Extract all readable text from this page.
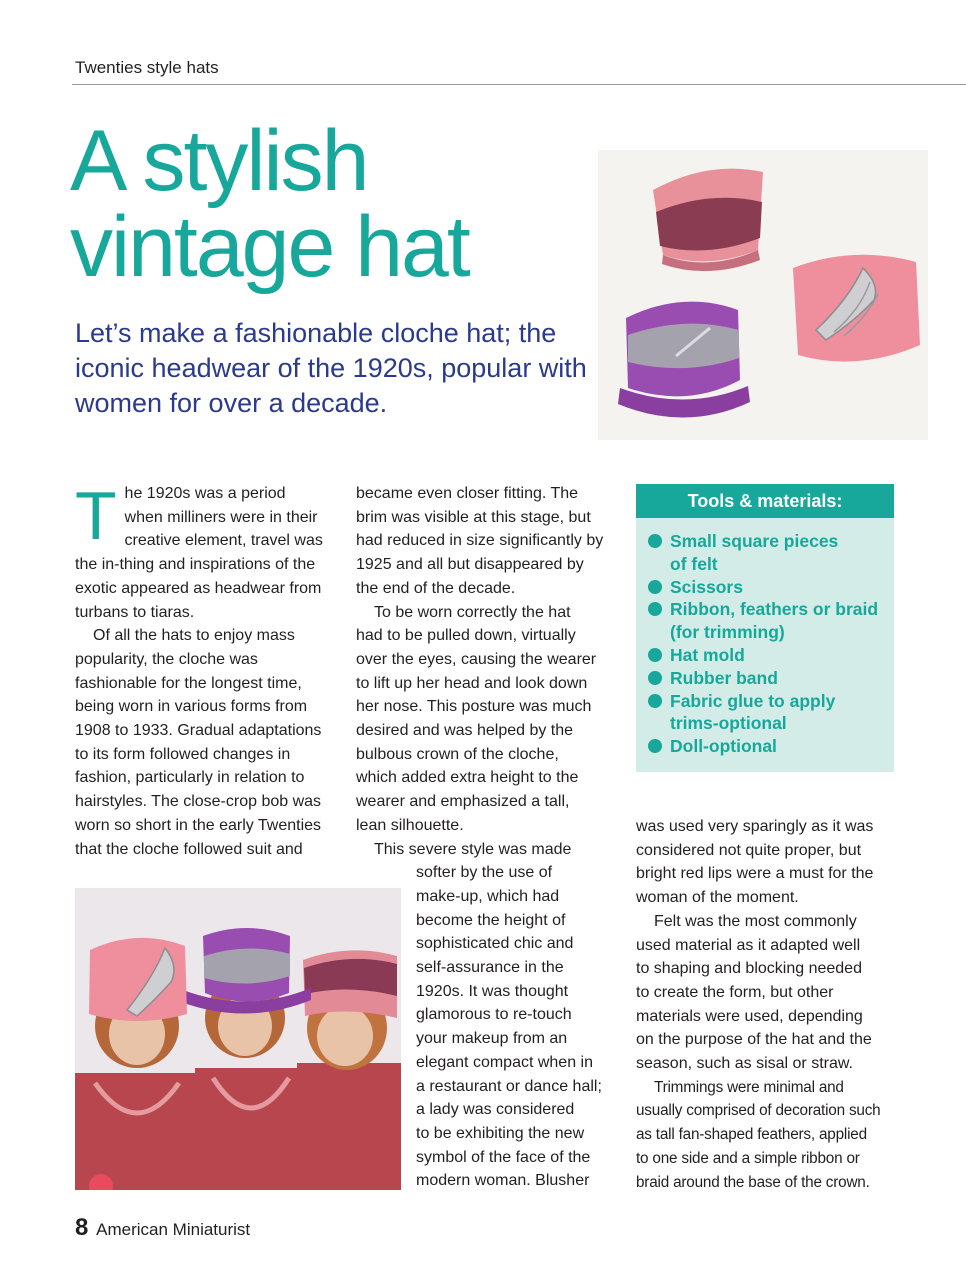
Twenties style hats
A stylish
vintage hat

Let’s make a fashionable cloche hat; the iconic headwear of the 1920s, popular with women for over a decade.

T he 1920s was a period
when milliners were in their
creative element, travel was
the in-thing and inspirations of the
exotic appeared as headwear from
turbans to tiaras.

Of all the hats to enjoy mass
popularity, the cloche was
fashionable for the longest time,
being worn in various forms from
1908 to 1933. Gradual adaptations
to its form followed changes in
fashion, particularly in relation to
hairstyles. The close-crop bob was
worn so short in the early Twenties
that the cloche followed suit and

became even closer fitting. The
brim was visible at this stage, but
had reduced in size significantly by
1925 and all but disappeared by
the end of the decade.

To be worn correctly the hat
had to be pulled down, virtually
over the eyes, causing the wearer
to lift up her head and look down
her nose. This posture was much
desired and was helped by the
bulbous crown of the cloche,
which added extra height to the
wearer and emphasized a tall,
lean silhouette.

This severe style was made

softer by the use of
make-up, which had
become the height of
sophisticated chic and
self-assurance in the
1920s. It was thought
glamorous to re-touch
your makeup from an
elegant compact when in
a restaurant or dance hall;
a lady was considered
to be exhibiting the new
symbol of the face of the
modern woman. Blusher

Tools & materials:
Small square pieces
of felt
Scissors
Ribbon, feathers or braid
(for trimming)
Hat mold
Rubber band
Fabric glue to apply
trims-optional
Doll-optional

was used very sparingly as it was
considered not quite proper, but
bright red lips were a must for the
woman of the moment.

Felt was the most commonly
used material as it adapted well
to shaping and blocking needed
to create the form, but other
materials were used, depending
on the purpose of the hat and the
season, such as sisal or straw.

Trimmings were minimal and
usually comprised of decoration such
as tall fan-shaped feathers, applied
to one side and a simple ribbon or
braid around the base of the crown.

8 American Miniaturist
